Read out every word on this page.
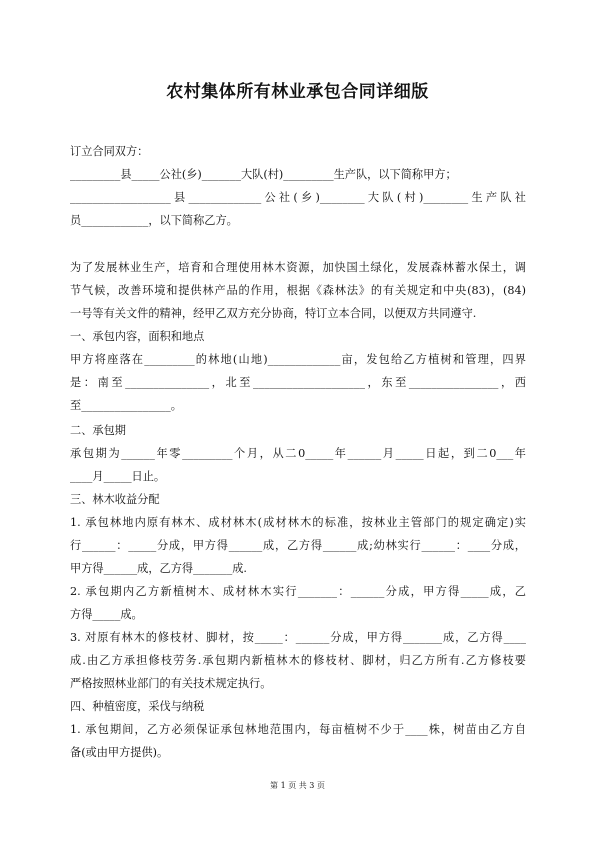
农村集体所有林业承包合同详细版
订立合同双方：
_________县_____公社(乡)_______大队(村)_________生产队，以下简称甲方；
__________________县_____________公社(乡)________大队(村)________生产队社
员____________，以下简称乙方。
为了发展林业生产，培育和合理使用林木资源，加快国土绿化，发展森林蓄水保土，调
节气候，改善环境和提供林产品的作用，根据《森林法》的有关规定和中央(83)，(84)
一号等有关文件的精神，经甲乙双方充分协商，特订立本合同，以便双方共同遵守.
一、承包内容，面积和地点
甲方将座落在_________的林地(山地)_____________亩，发包给乙方植树和管理，四界
是：南至_______________，北至____________________，东至________________，西
至________________。
二、承包期
承包期为______年零_________个月，从二0_____年______月_____日起，到二0___年
____月_____日止。
三、林木收益分配
1. 承包林地内原有林木、成材林木(成材林木的标准，按林业主管部门的规定确定)实
行______：_____分成，甲方得______成，乙方得______成;幼林实行______：____分成，
甲方得______成，乙方得_______成.
2. 承包期内乙方新植树木、成材林木实行_______：______分成，甲方得_____成，乙
方得_____成。
3. 对原有林木的修枝材、脚材，按_____：______分成，甲方得_______成，乙方得____
成.由乙方承担修枝劳务.承包期内新植林木的修枝材、脚材，归乙方所有.乙方修枝要
严格按照林业部门的有关技术规定执行。
四、种植密度，采伐与纳税
1. 承包期间，乙方必须保证承包林地范围内，每亩植树不少于____株，树苗由乙方自
备(或由甲方提供)。
第 1 页 共 3 页
